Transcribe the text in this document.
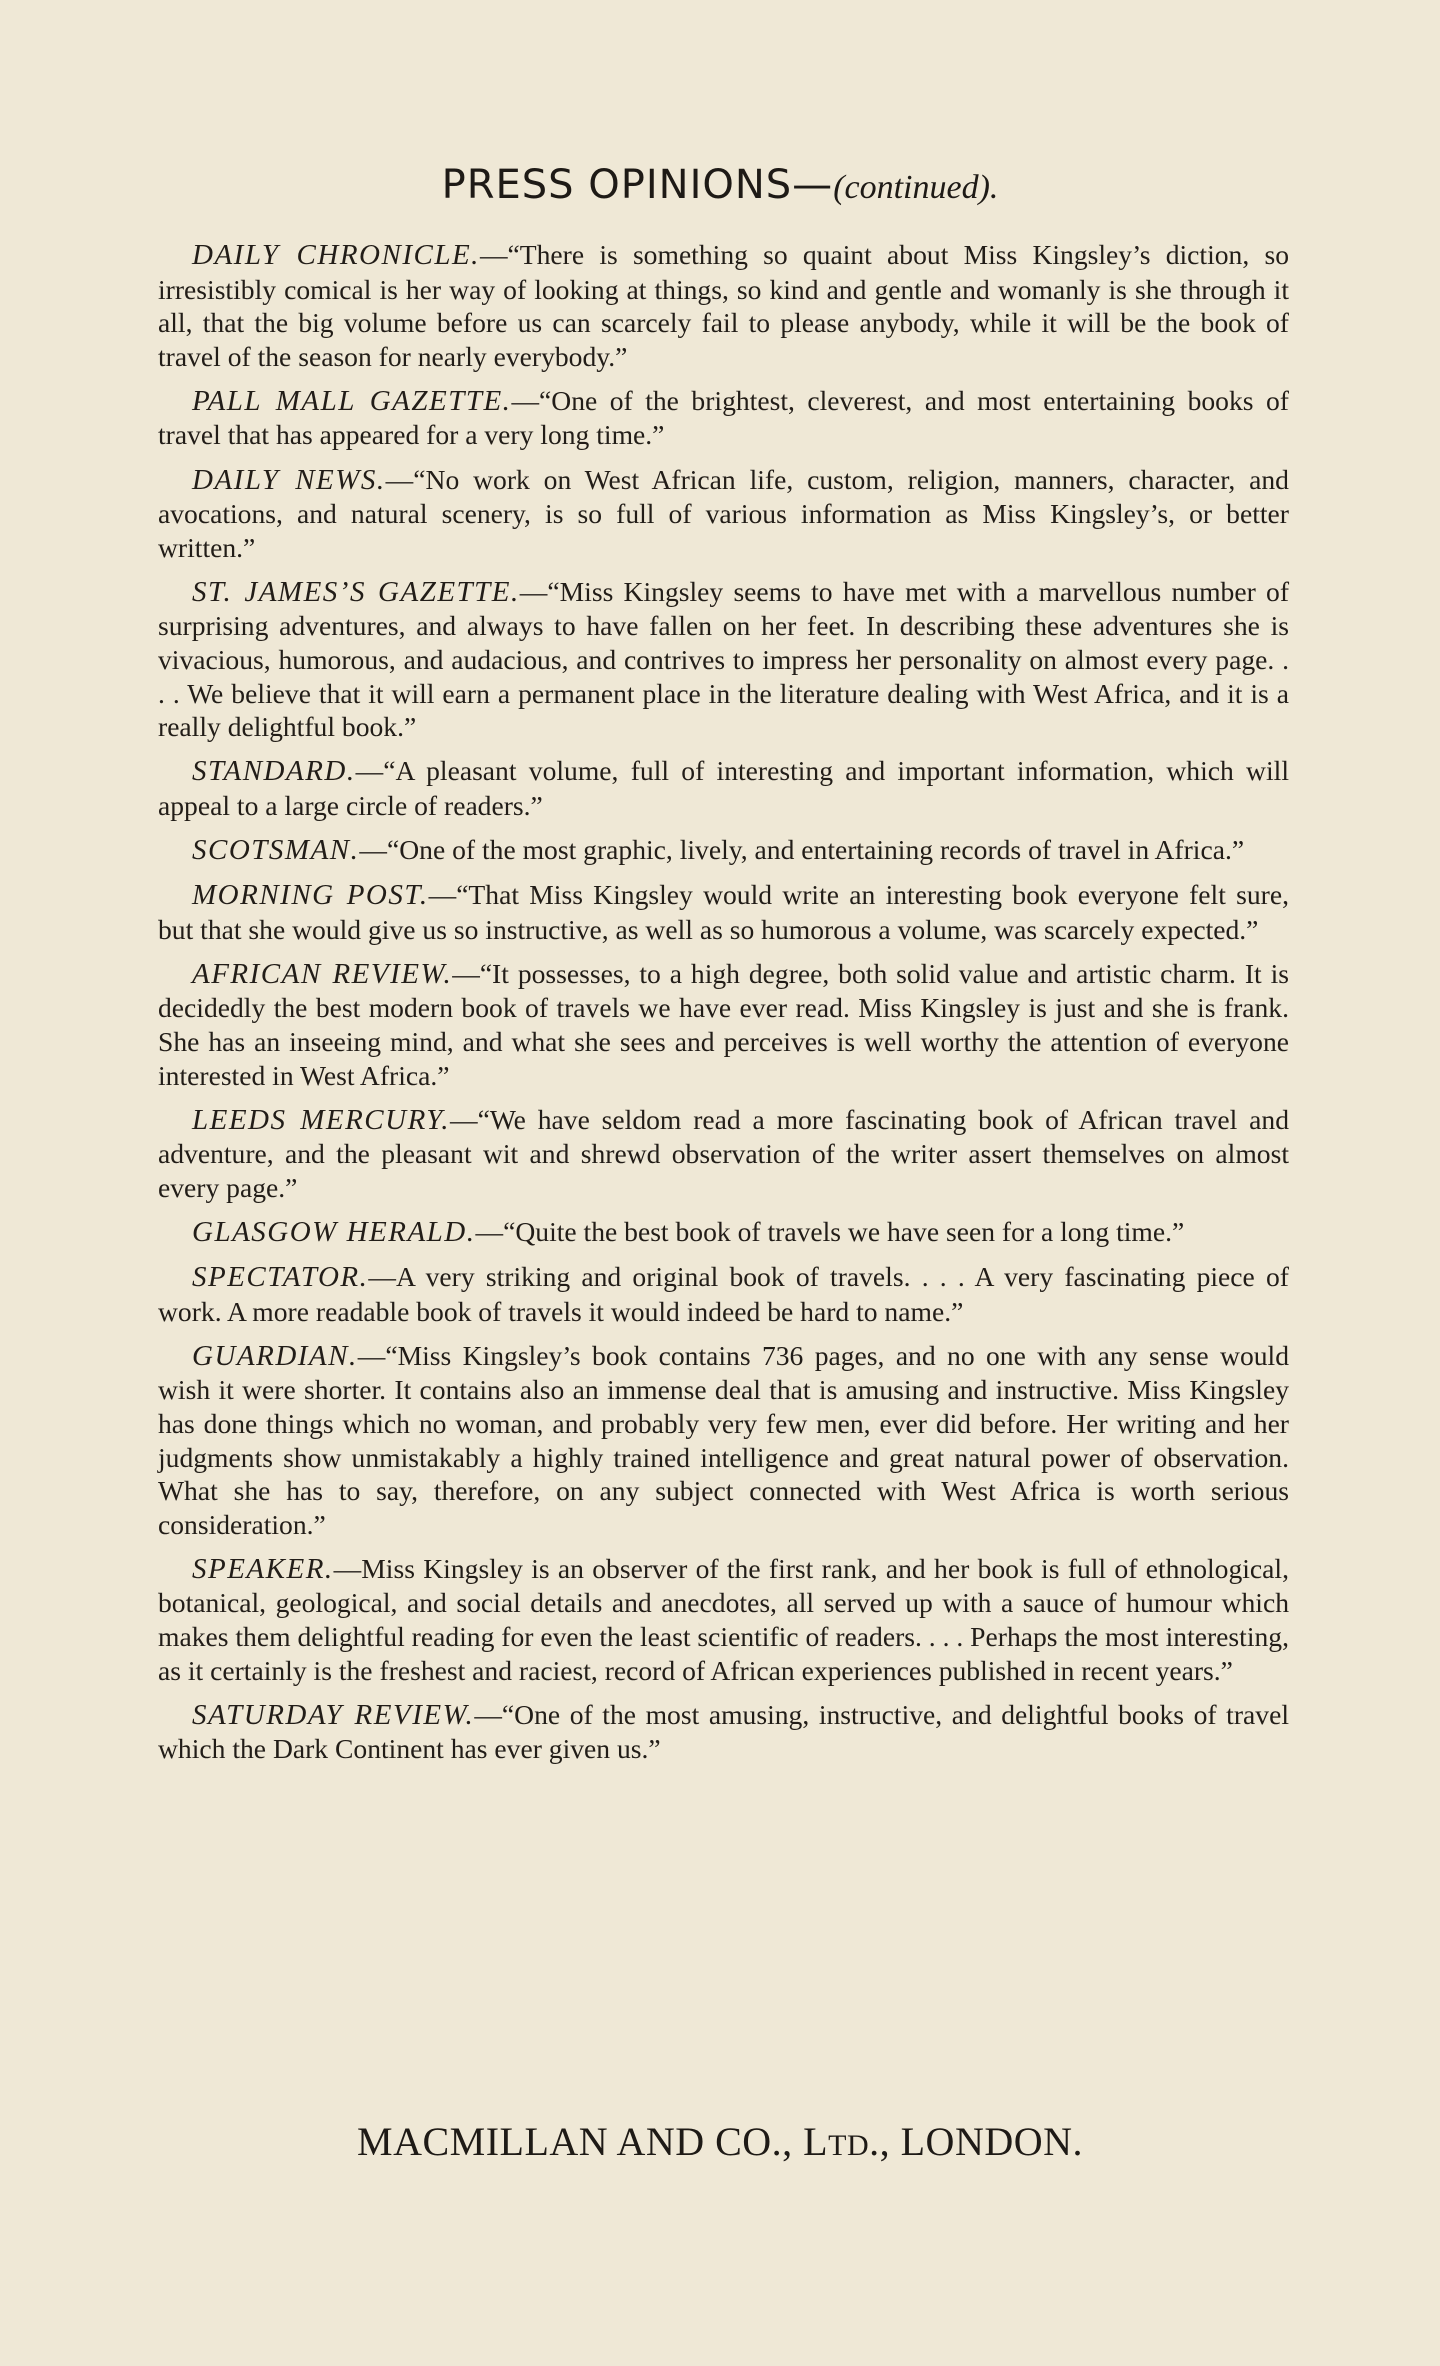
PRESS OPINIONS—(continued).

DAILY CHRONICLE.—“There is something so quaint about Miss Kingsley’s diction, so irresistibly comical is her way of looking at things, so kind and gentle and womanly is she through it all, that the big volume before us can scarcely fail to please anybody, while it will be the book of travel of the season for nearly everybody.”

PALL MALL GAZETTE.—“One of the brightest, cleverest, and most entertaining books of travel that has appeared for a very long time.”

DAILY NEWS.—“No work on West African life, custom, religion, manners, character, and avocations, and natural scenery, is so full of various information as Miss Kingsley’s, or better written.”

ST. JAMES’S GAZETTE.—“Miss Kingsley seems to have met with a marvellous number of surprising adventures, and always to have fallen on her feet. In describing these adventures she is vivacious, humorous, and audacious, and contrives to impress her personality on almost every page. . . . We believe that it will earn a permanent place in the literature dealing with West Africa, and it is a really delightful book.”

STANDARD.—“A pleasant volume, full of interesting and important information, which will appeal to a large circle of readers.”

SCOTSMAN.—“One of the most graphic, lively, and entertaining records of travel in Africa.”

MORNING POST.—“That Miss Kingsley would write an interesting book everyone felt sure, but that she would give us so instructive, as well as so humorous a volume, was scarcely expected.”

AFRICAN REVIEW.—“It possesses, to a high degree, both solid value and artistic charm. It is decidedly the best modern book of travels we have ever read. Miss Kingsley is just and she is frank. She has an inseeing mind, and what she sees and perceives is well worthy the attention of everyone interested in West Africa.”

LEEDS MERCURY.—“We have seldom read a more fascinating book of African travel and adventure, and the pleasant wit and shrewd observation of the writer assert themselves on almost every page.”

GLASGOW HERALD.—“Quite the best book of travels we have seen for a long time.”

SPECTATOR.—A very striking and original book of travels. . . . A very fascinating piece of work. A more readable book of travels it would indeed be hard to name.”

GUARDIAN.—“Miss Kingsley’s book contains 736 pages, and no one with any sense would wish it were shorter. It contains also an immense deal that is amusing and instructive. Miss Kingsley has done things which no woman, and probably very few men, ever did before. Her writing and her judgments show unmistakably a highly trained intelligence and great natural power of observation. What she has to say, therefore, on any subject connected with West Africa is worth serious consideration.”

SPEAKER.—Miss Kingsley is an observer of the first rank, and her book is full of ethnological, botanical, geological, and social details and anecdotes, all served up with a sauce of humour which makes them delightful reading for even the least scientific of readers. . . . Perhaps the most interesting, as it certainly is the freshest and raciest, record of African experiences published in recent years.”

SATURDAY REVIEW.—“One of the most amusing, instructive, and delightful books of travel which the Dark Continent has ever given us.”

MACMILLAN AND CO., LTD., LONDON.
